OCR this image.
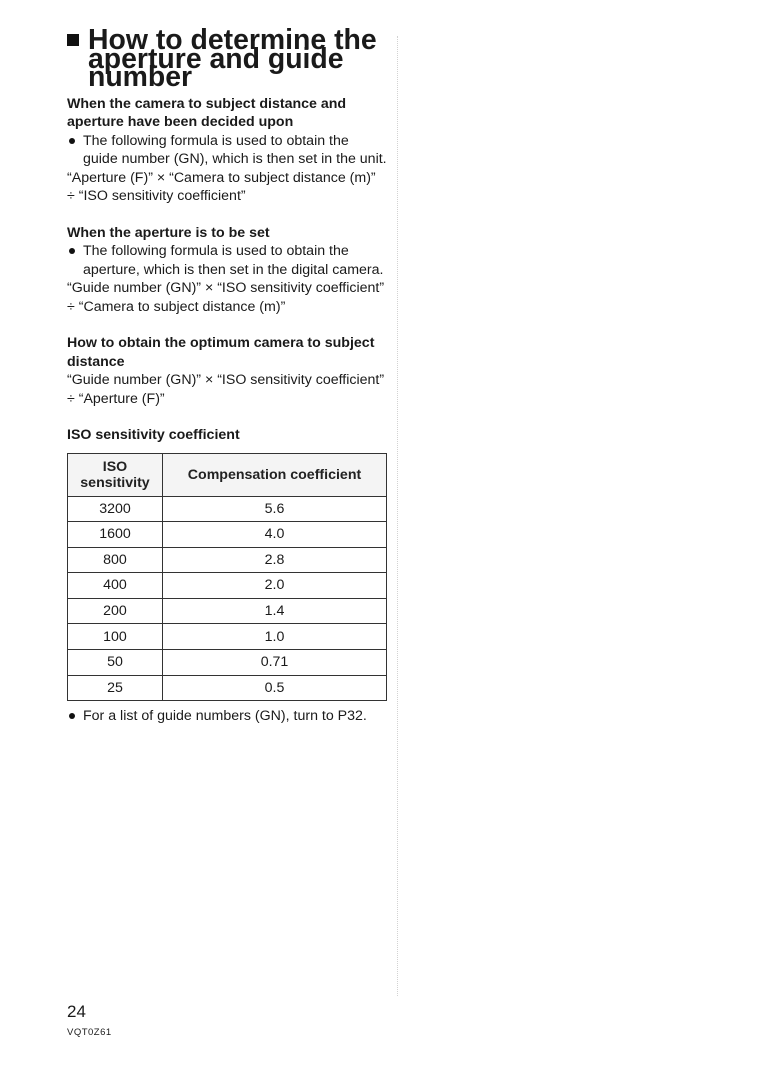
How to determine the aperture and guide number

When the camera to subject distance and aperture have been decided upon

The following formula is used to obtain the guide number (GN), which is then set in the unit.

“Aperture (F)” × “Camera to subject distance (m)” ÷ “ISO sensitivity coefficient”

When the aperture is to be set

The following formula is used to obtain the aperture, which is then set in the digital camera.

“Guide number (GN)” × “ISO sensitivity coefficient” ÷ “Camera to subject distance (m)”

How to obtain the optimum camera to subject distance

“Guide number (GN)” × “ISO sensitivity coefficient” ÷ “Aperture (F)”

ISO sensitivity coefficient

ISO sensitivity	Compensation coefficient
3200	5.6
1600	4.0
800	2.8
400	2.0
200	1.4
100	1.0
50	0.71
25	0.5

For a list of guide numbers (GN), turn to P32.

24
VQT0Z61
